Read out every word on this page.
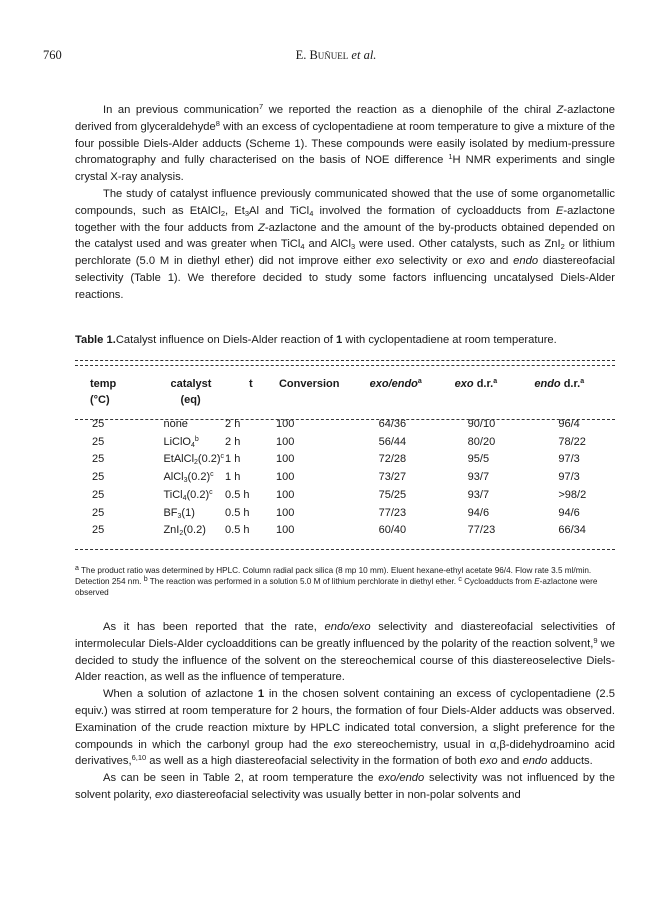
760	E. Buñuel et al.

In an previous communication$^7$ we reported the reaction as a dienophile of the chiral Z-azlactone derived from glyceraldehyde$^8$ with an excess of cyclopentadiene at room temperature to give a mixture of the four possible Diels-Alder adducts (Scheme 1). These compounds were easily isolated by medium-pressure chromatography and fully characterised on the basis of NOE difference $^1$H NMR experiments and single crystal X-ray analysis.

The study of catalyst influence previously communicated showed that the use of some organometallic compounds, such as EtAlCl$_2$, $Et_3Al$ and TiCl$_4$ involved the formation of cycloadducts from E-azlactone together with the four adducts from Z-azlactone and the amount of the by-products obtained depended on the catalyst used and was greater when TiCl$_4$ and AlCl$_3$ were used. Other catalysts, such as ZnI$_2$ or lithium perchlorate (5.0 M in diethyl ether) did not improve either exo selectivity or exo and endo diastereofacial selectivity (Table 1). We therefore decided to study some factors influencing uncatalysed Diels-Alder reactions.

Table 1.Catalyst influence on Diels-Alder reaction of 1 with cyclopentadiene at room temperature.
temp	catalyst	t	Conversion	exo/endo$^a$	exo d.r.$^a$	endo d.r.$^a$
(°C)	(eq)					

25	none	2 h	100	64/36	90/10	96/4
25	LiClO$_4^b$	2 h	100	56/44	80/20	78/22
25	$EtAlCl_2(0.2)^c$	1 h	100	72/28	95/5	97/3
25	$AlCl_3(0.2)^c$	1 h	100	73/27	93/7	97/3
25	$TiCl_4(0.2)^c$	0.5 h	100	75/25	93/7	>98/2
25	$BF_3(1)$	0.5 h	100	77/23	94/6	94/6
25	ZnI$_2$(0.2)	0.5 h	100	60/40	77/23	66/34
$^a$ The product ratio was determined by HPLC. Column radial pack silica (8 mp 10 mm). Eluent hexane-ethyl acetate 96/4. Flow rate 3.5 ml/min. Detection 254 nm. $^b$ The reaction was performed in a solution 5.0 M of lithium perchlorate in diethyl ether. $^c$ Cycloadducts from E-azlactone were observed

As it has been reported that the rate, endo/exo selectivity and diastereofacial selectivities of intermolecular Diels-Alder cycloadditions can be greatly influenced by the polarity of the reaction solvent,$^9$ we decided to study the influence of the solvent on the stereochemical course of this diastereoselective Diels-Alder reaction, as well as the influence of temperature.

When a solution of azlactone 1 in the chosen solvent containing an excess of cyclopentadiene (2.5 equiv.) was stirred at room temperature for 2 hours, the formation of four Diels-Alder adducts was observed. Examination of the crude reaction mixture by HPLC indicated total conversion, a slight preference for the compounds in which the carbonyl group had the exo stereochemistry, usual in α,β-didehydroamino acid derivatives,$^{6,10}$ as well as a high diastereofacial selectivity in the formation of both exo and endo adducts.

As can be seen in Table 2, at room temperature the exo/endo selectivity was not influenced by the solvent polarity, exo diastereofacial selectivity was usually better in non-polar solvents and
